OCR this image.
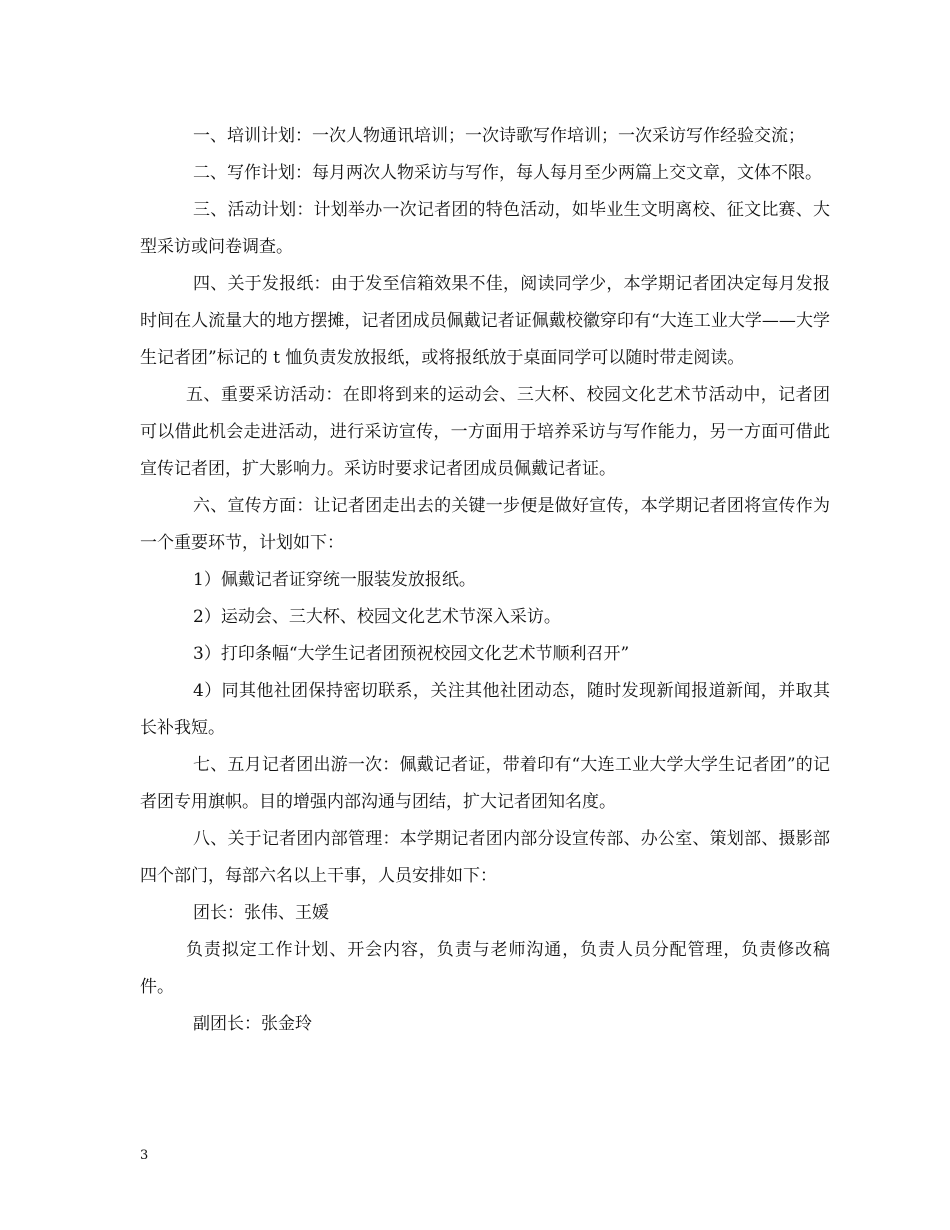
一、培训计划：一次人物通讯培训；一次诗歌写作培训；一次采访写作经验交流；

二、写作计划：每月两次人物采访与写作，每人每月至少两篇上交文章，文体不限。

三、活动计划：计划举办一次记者团的特色活动，如毕业生文明离校、征文比赛、大型采访或问卷调查。

四、关于发报纸：由于发至信箱效果不佳，阅读同学少，本学期记者团决定每月发报时间在人流量大的地方摆摊，记者团成员佩戴记者证佩戴校徽穿印有“大连工业大学——大学生记者团”标记的 t 恤负责发放报纸，或将报纸放于桌面同学可以随时带走阅读。

五、重要采访活动：在即将到来的运动会、三大杯、校园文化艺术节活动中，记者团可以借此机会走进活动，进行采访宣传，一方面用于培养采访与写作能力，另一方面可借此宣传记者团，扩大影响力。采访时要求记者团成员佩戴记者证。

六、宣传方面：让记者团走出去的关键一步便是做好宣传，本学期记者团将宣传作为一个重要环节，计划如下：

1）佩戴记者证穿统一服装发放报纸。

2）运动会、三大杯、校园文化艺术节深入采访。

3）打印条幅“大学生记者团预祝校园文化艺术节顺利召开”

4）同其他社团保持密切联系，关注其他社团动态，随时发现新闻报道新闻，并取其长补我短。

七、五月记者团出游一次：佩戴记者证，带着印有“大连工业大学大学生记者团”的记者团专用旗帜。目的增强内部沟通与团结，扩大记者团知名度。

八、关于记者团内部管理：本学期记者团内部分设宣传部、办公室、策划部、摄影部四个部门，每部六名以上干事，人员安排如下：

团长：张伟、王媛

负责拟定工作计划、开会内容，负责与老师沟通，负责人员分配管理，负责修改稿件。

副团长：张金玲

3
